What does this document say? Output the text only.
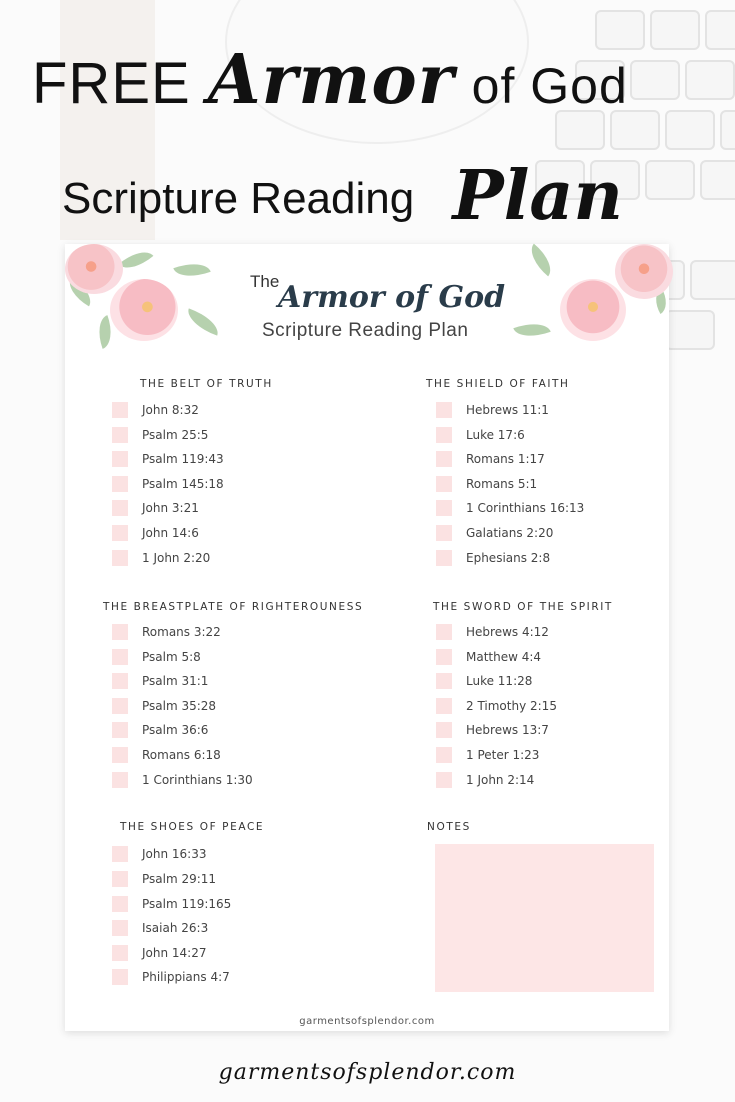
FREE Armor of God
Scripture Reading Plan
The
Armor of God
Scripture Reading Plan
THE BELT OF TRUTH	THE SHIELD OF FAITH
THE BREASTPLATE OF RIGHTEROUNESS	THE SWORD OF THE SPIRIT
THE SHOES OF PEACE	NOTES
John 8:32
Psalm 25:5
Psalm 119:43
Psalm 145:18
John 3:21
John 14:6
1 John 2:20
Hebrews 11:1
Luke 17:6
Romans 1:17
Romans 5:1
1 Corinthians 16:13
Galatians 2:20
Ephesians 2:8
Romans 3:22
Psalm 5:8
Psalm 31:1
Psalm 35:28
Psalm 36:6
Romans 6:18
1 Corinthians 1:30
Hebrews 4:12
Matthew 4:4
Luke 11:28
2 Timothy 2:15
Hebrews 13:7
1 Peter 1:23
1 John 2:14
John 16:33
Psalm 29:11
Psalm 119:165
Isaiah 26:3
John 14:27
Philippians 4:7
garmentsofsplendor.com
garmentsofsplendor.com
